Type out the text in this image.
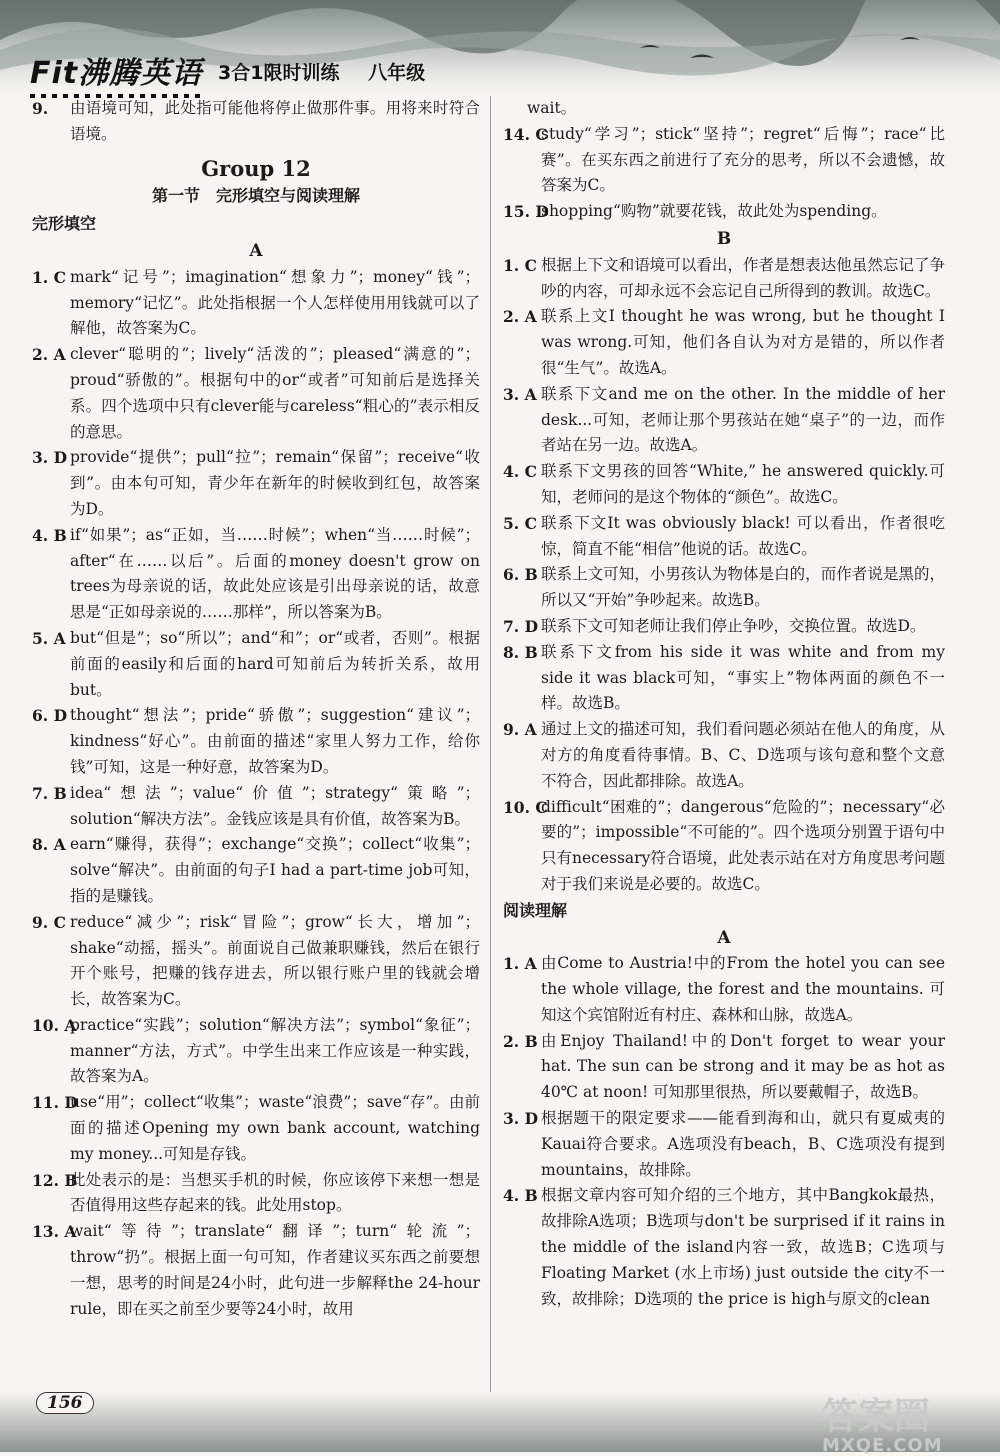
Fit沸腾英语 3合1限时训练 八年级
9.	由语境可知，此处指可能他将停止做那件事。用将来时符合语境。
Group 12
第一节　完形填空与阅读理解
完形填空
A
1. C mark“记号”；imagination“想象力”；money“钱”；memory“记忆”。此处指根据一个人怎样使用用钱就可以了解他，故答案为C。
2. A clever“聪明的”；lively“活泼的”；pleased“满意的”；proud“骄傲的”。根据句中的or“或者”可知前后是选择关系。四个选项中只有clever能与careless“粗心的”表示相反的意思。
3. D provide“提供”；pull“拉”；remain“保留”；receive“收到”。由本句可知，青少年在新年的时候收到红包，故答案为D。
4. B if“如果”；as“正如，当……时候”；when“当……时候”；after“在……以后”。后面的money doesn't grow on trees为母亲说的话，故此处应该是引出母亲说的话，故意思是“正如母亲说的……那样”，所以答案为B。
5. A but“但是”；so“所以”；and“和”；or“或者，否则”。根据前面的easily和后面的hard可知前后为转折关系，故用but。
6. D thought“想法”；pride“骄傲”；suggestion“建议”；kindness“好心”。由前面的描述“家里人努力工作，给你钱”可知，这是一种好意，故答案为D。
7. B idea“想法”；value“价值”；strategy“策略”；solution“解决方法”。金钱应该是具有价值，故答案为B。
8. A earn“赚得，获得”；exchange“交换”；collect“收集”；solve“解决”。由前面的句子I had a part-time job可知，指的是赚钱。
9. C reduce“减少”；risk“冒险”；grow“长大，增加”；shake“动摇，摇头”。前面说自己做兼职赚钱，然后在银行开个账号，把赚的钱存进去，所以银行账户里的钱就会增长，故答案为C。
10. A
practice“实践”；solution“解决方法”；symbol“象征”；manner“方法，方式”。中学生出来工作应该是一种实践，故答案为A。
11. D
use“用”；collect“收集”；waste“浪费”；save“存”。由前面的描述Opening my own bank account, watching my money...可知是存钱。
12. B
此处表示的是：当想买手机的时候，你应该停下来想一想是否值得用这些存起来的钱。此处用stop。
13. A
wait“等待”；translate“翻译”；turn“轮流”；throw“扔”。根据上面一句可知，作者建议买东西之前要想一想，思考的时间是24小时，此句进一步解释the 24-hour rule，即在买之前至少要等24小时，故用
wait。
14. C
study“学习”；stick“坚持”；regret“后悔”；race“比赛”。在买东西之前进行了充分的思考，所以不会遗憾，故答案为C。
15. D
shopping“购物”就要花钱，故此处为spending。
B
1. C 根据上下文和语境可以看出，作者是想表达他虽然忘记了争吵的内容，可却永远不会忘记自己所得到的教训。故选C。
2. A 联系上文I thought he was wrong, but he thought I was wrong.可知，他们各自认为对方是错的，所以作者很“生气”。故选A。
3. A 联系下文and me on the other. In the middle of her desk...可知，老师让那个男孩站在她“桌子”的一边，而作者站在另一边。故选A。
4. C 联系下文男孩的回答“White,” he answered quickly.可知，老师问的是这个物体的“颜色”。故选C。
5. C 联系下文It was obviously black! 可以看出，作者很吃惊，简直不能“相信”他说的话。故选C。
6. B 联系上文可知，小男孩认为物体是白的，而作者说是黑的，所以又“开始”争吵起来。故选B。
7. D 联系下文可知老师让我们停止争吵，交换位置。故选D。
8. B 联系下文from his side it was white and from my side it was black可知，“事实上”物体两面的颜色不一样。故选B。
9. A 通过上文的描述可知，我们看问题必须站在他人的角度，从对方的角度看待事情。B、C、D选项与该句意和整个文意不符合，因此都排除。故选A。
10. C
difficult“困难的”；dangerous“危险的”；necessary“必要的”；impossible“不可能的”。四个选项分别置于语句中只有necessary符合语境，此处表示站在对方角度思考问题对于我们来说是必要的。故选C。
阅读理解
A
1. A 由Come to Austria!中的From the hotel you can see the whole village, the forest and the mountains. 可知这个宾馆附近有村庄、森林和山脉，故选A。
2. B 由Enjoy Thailand!中的Don't forget to wear your hat. The sun can be strong and it may be as hot as 40℃ at noon! 可知那里很热，所以要戴帽子，故选B。
3. D 根据题干的限定要求——能看到海和山，就只有夏威夷的Kauai符合要求。A选项没有beach，B、C选项没有提到mountains，故排除。
4. B 根据文章内容可知介绍的三个地方，其中Bangkok最热，故排除A选项；B选项与don't be surprised if it rains in the middle of the island内容一致，故选B；C选项与Floating Market (水上市场) just outside the city不一致，故排除；D选项的 the price is high与原文的clean
156	答案圈
MXQE.COM
